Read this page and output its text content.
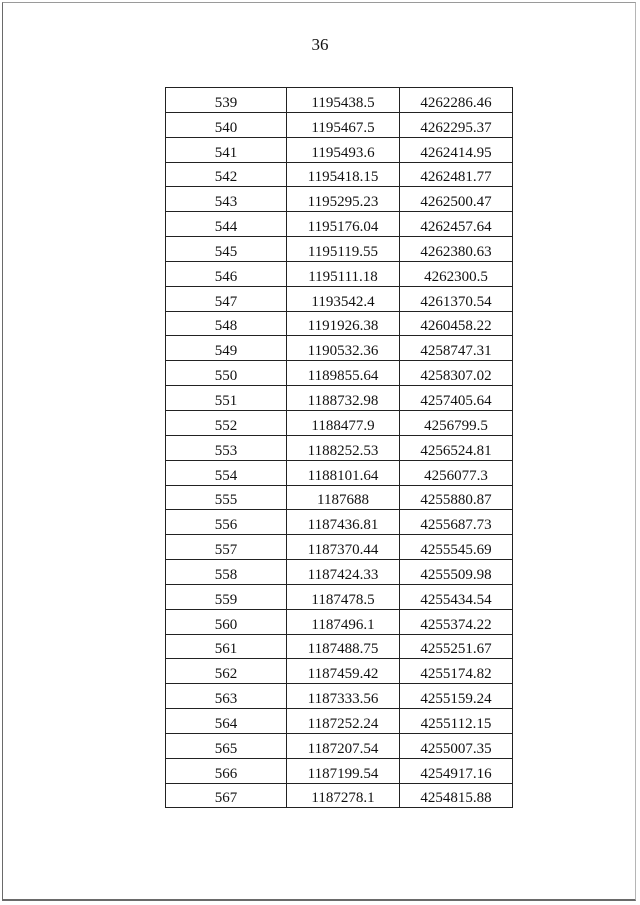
36
539	1195438.5	4262286.46
540	1195467.5	4262295.37
541	1195493.6	4262414.95
542	1195418.15	4262481.77
543	1195295.23	4262500.47
544	1195176.04	4262457.64
545	1195119.55	4262380.63
546	1195111.18	4262300.5
547	1193542.4	4261370.54
548	1191926.38	4260458.22
549	1190532.36	4258747.31
550	1189855.64	4258307.02
551	1188732.98	4257405.64
552	1188477.9	4256799.5
553	1188252.53	4256524.81
554	1188101.64	4256077.3
555	1187688	4255880.87
556	1187436.81	4255687.73
557	1187370.44	4255545.69
558	1187424.33	4255509.98
559	1187478.5	4255434.54
560	1187496.1	4255374.22
561	1187488.75	4255251.67
562	1187459.42	4255174.82
563	1187333.56	4255159.24
564	1187252.24	4255112.15
565	1187207.54	4255007.35
566	1187199.54	4254917.16
567	1187278.1	4254815.88
